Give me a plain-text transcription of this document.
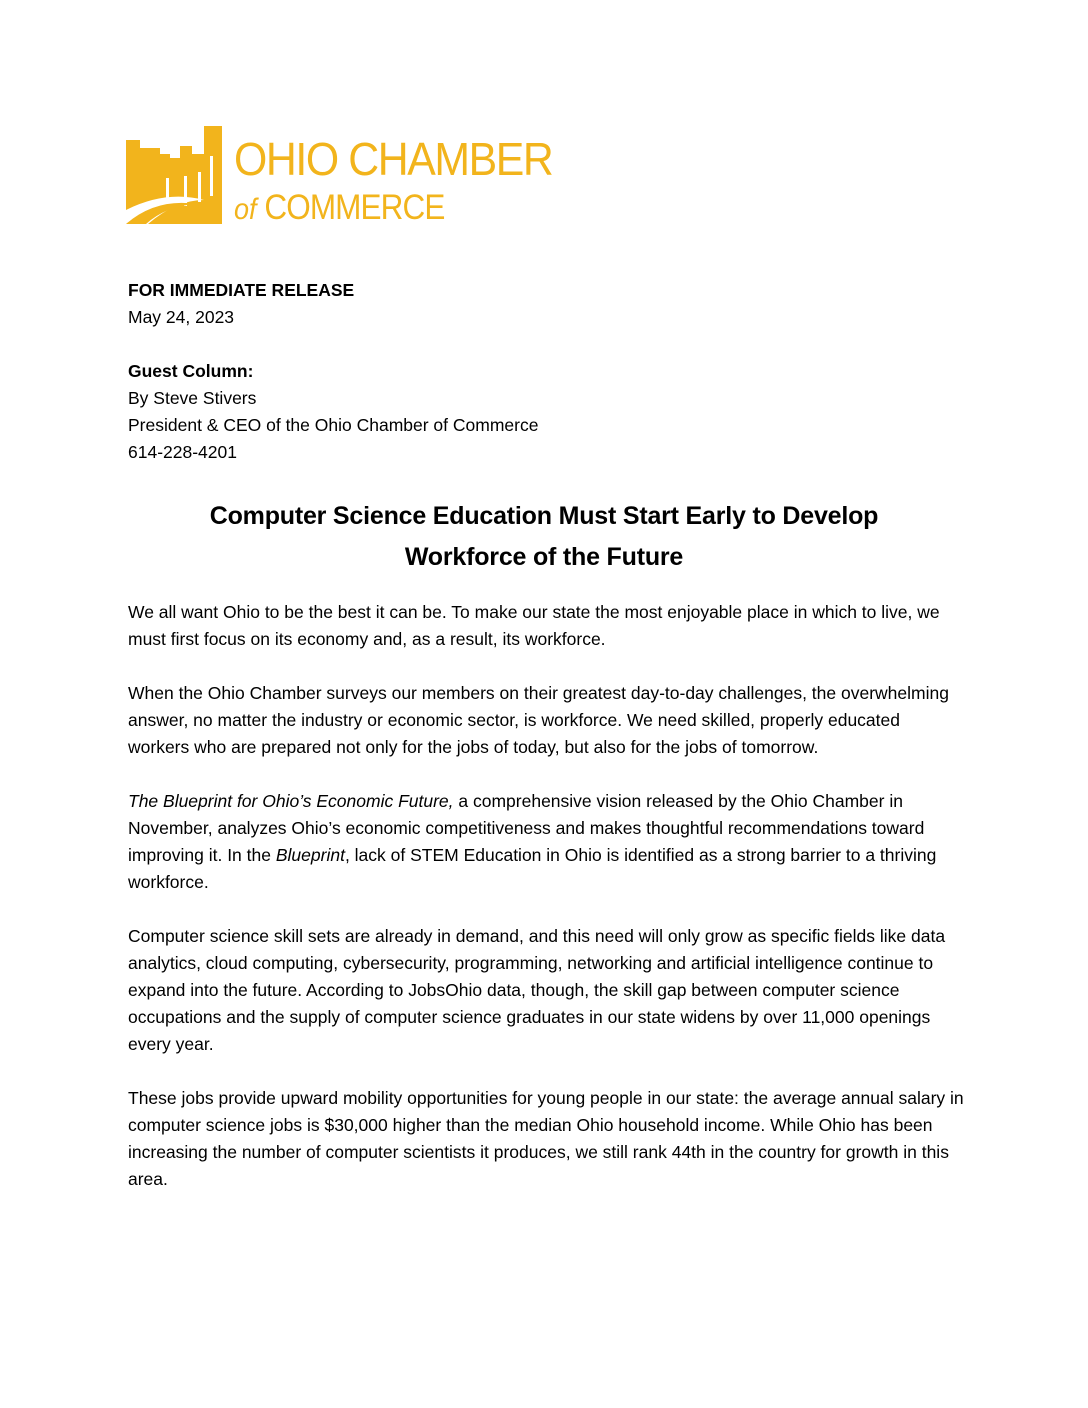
OHIO CHAMBER
of COMMERCE
FOR IMMEDIATE RELEASE
May 24, 2023
Guest Column:
By Steve Stivers
President & CEO of the Ohio Chamber of Commerce
614-228-4201
Computer Science Education Must Start Early to Develop
Workforce of the Future

We all want Ohio to be the best it can be. To make our state the most enjoyable place in which to live, we must first focus on its economy and, as a result, its workforce.

When the Ohio Chamber surveys our members on their greatest day-to-day challenges, the overwhelming answer, no matter the industry or economic sector, is workforce. We need skilled, properly educated workers who are prepared not only for the jobs of today, but also for the jobs of tomorrow.

The Blueprint for Ohio’s Economic Future, a comprehensive vision released by the Ohio Chamber in November, analyzes Ohio’s economic competitiveness and makes thoughtful recommendations toward improving it. In the Blueprint, lack of STEM Education in Ohio is identified as a strong barrier to a thriving workforce.

Computer science skill sets are already in demand, and this need will only grow as specific fields like data analytics, cloud computing, cybersecurity, programming, networking and artificial intelligence continue to expand into the future. According to JobsOhio data, though, the skill gap between computer science occupations and the supply of computer science graduates in our state widens by over 11,000 openings every year.

These jobs provide upward mobility opportunities for young people in our state: the average annual salary in computer science jobs is $30,000 higher than the median Ohio household income. While Ohio has been increasing the number of computer scientists it produces, we still rank 44th in the country for growth in this area.
